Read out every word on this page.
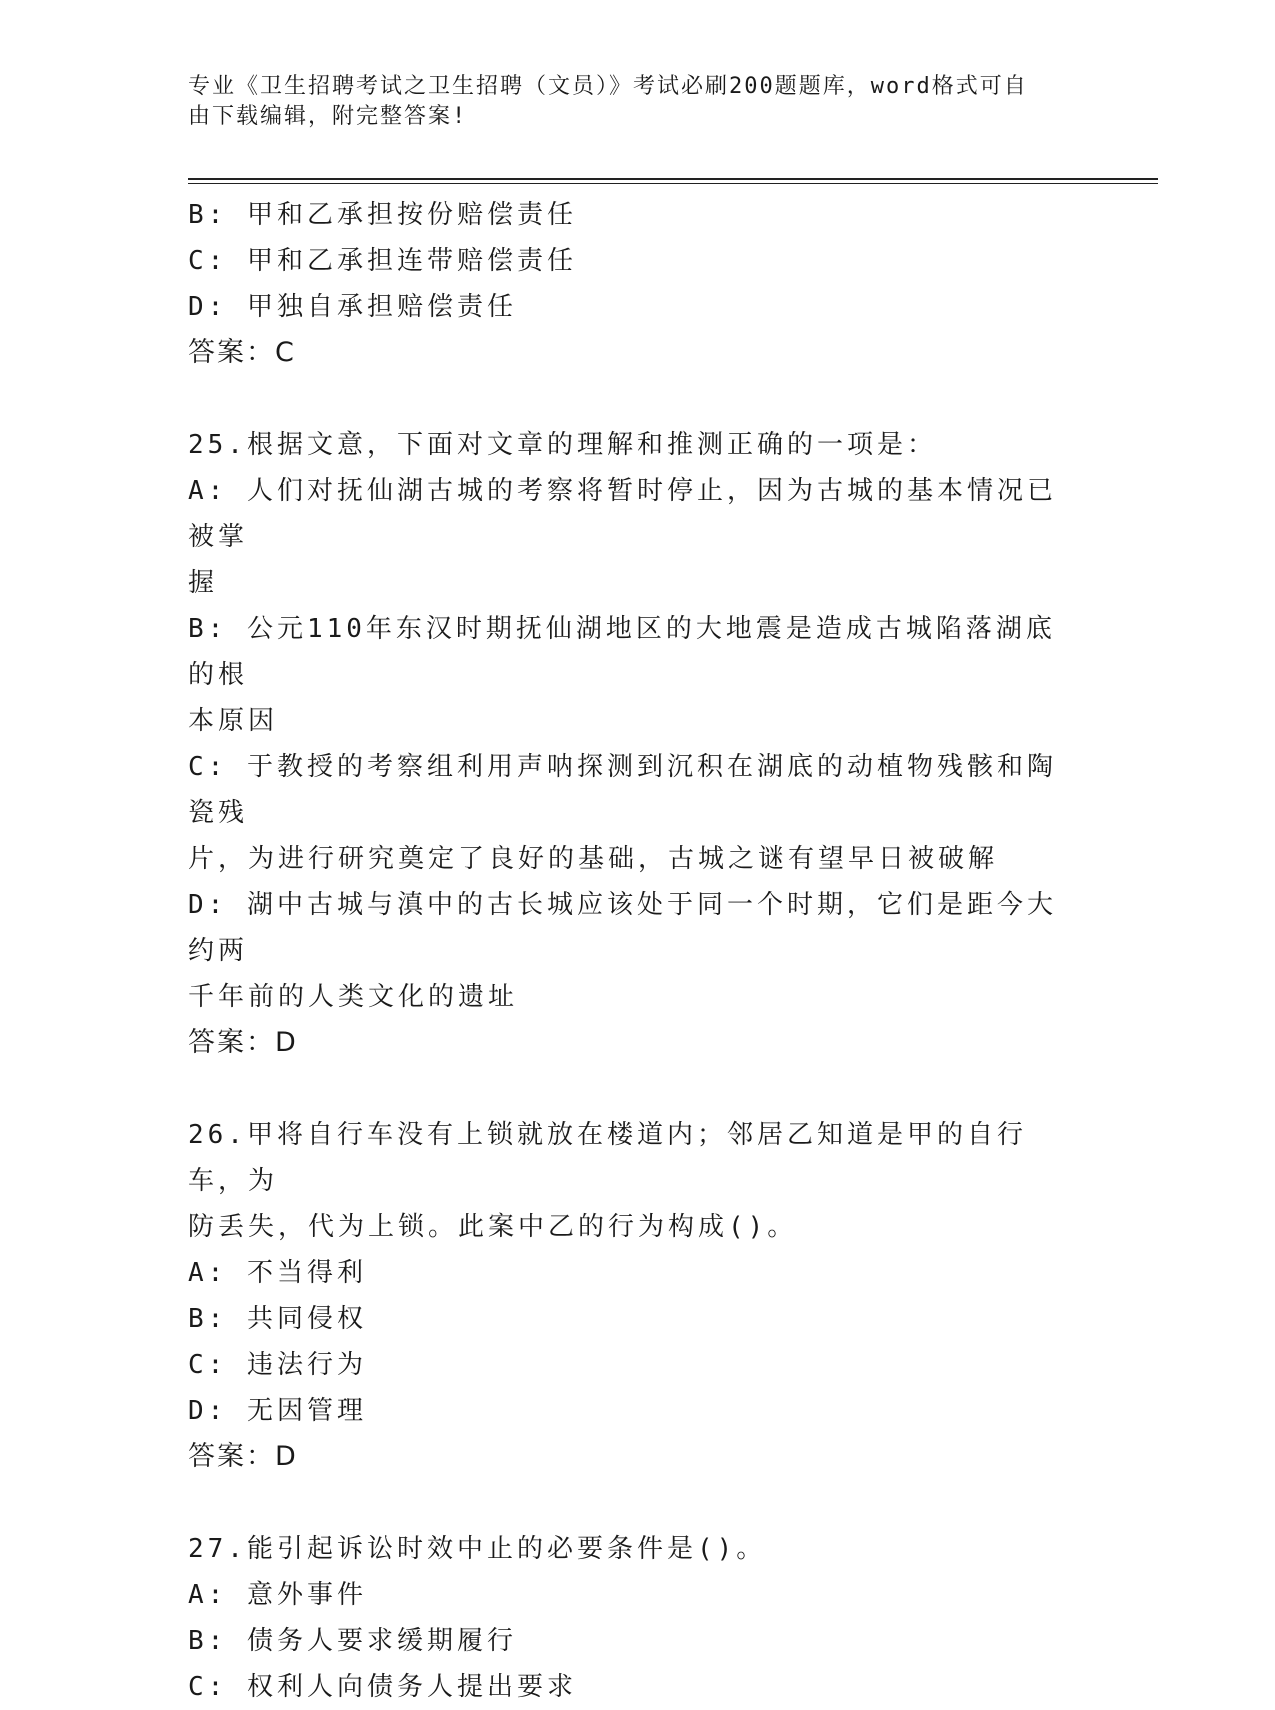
专业《卫生招聘考试之卫生招聘（文员）》考试必刷200题题库，word格式可自
由下载编辑，附完整答案!
B: 甲和乙承担按份赔偿责任
C: 甲和乙承担连带赔偿责任
D: 甲独自承担赔偿责任
答案：C
25.根据文意，下面对文章的理解和推测正确的一项是：
A: 人们对抚仙湖古城的考察将暂时停止，因为古城的基本情况已被掌
握
B: 公元110年东汉时期抚仙湖地区的大地震是造成古城陷落湖底的根
本原因
C: 于教授的考察组利用声呐探测到沉积在湖底的动植物残骸和陶瓷残
片，为进行研究奠定了良好的基础，古城之谜有望早日被破解
D: 湖中古城与滇中的古长城应该处于同一个时期，它们是距今大约两
千年前的人类文化的遗址
答案：D
26.甲将自行车没有上锁就放在楼道内；邻居乙知道是甲的自行车，为
防丢失，代为上锁。此案中乙的行为构成()。
A: 不当得利
B: 共同侵权
C: 违法行为
D: 无因管理
答案：D
27.能引起诉讼时效中止的必要条件是()。
A: 意外事件
B: 债务人要求缓期履行
C: 权利人向债务人提出要求
